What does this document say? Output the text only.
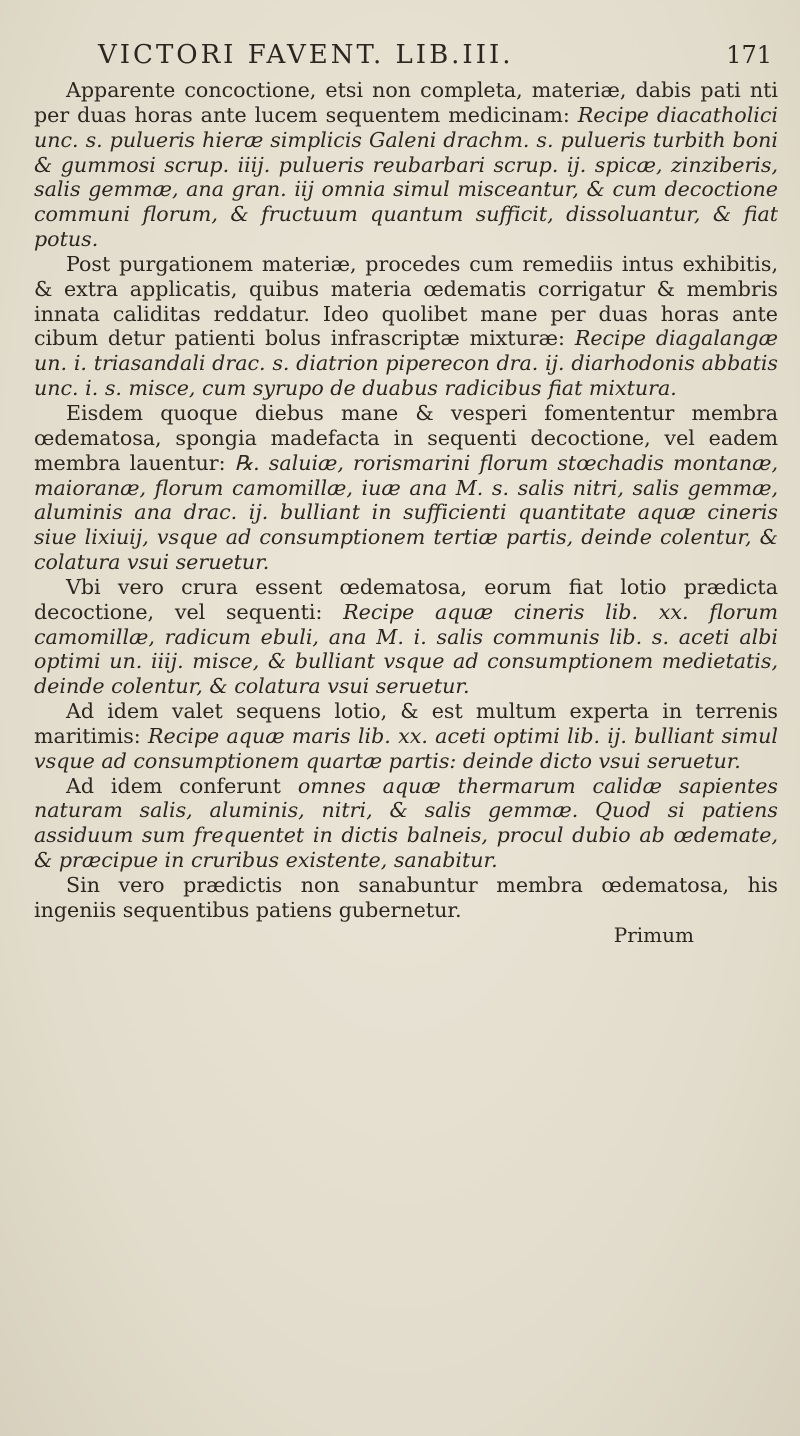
VICTORI FAVENT. LIB.III.	171

Apparente concoctione, etsi non completa, materiæ, dabis pati nti per duas horas ante lucem sequentem medicinam: Recipe diacatholici unc. s. pulueris hieræ simplicis Galeni drachm. s. pulueris turbith boni & gummosi scrup. iiij. pulueris reubarbari scrup. ij. spicæ, zinziberis, salis gemmæ, ana gran. iij omnia simul misceantur, & cum decoctione communi florum, & fructuum quantum sufficit, dissoluantur, & fiat potus.

Post purgationem materiæ, procedes cum remediis intus exhibitis, & extra applicatis, quibus materia œdematis corrigatur & membris innata caliditas reddatur. Ideo quolibet mane per duas horas ante cibum detur patienti bolus infrascriptæ mixturæ: Recipe diagalangæ un. i. triasandali drac. s. diatrion piperecon dra. ij. diarhodonis abbatis unc. i. s. misce, cum syrupo de duabus radicibus fiat mixtura.

Eisdem quoque diebus mane & vesperi fomententur membra œdematosa, spongia madefacta in sequenti decoctione, vel eadem membra lauentur: ℞. saluiæ, rorismarini florum stœchadis montanæ, maioranæ, florum camomillæ, iuæ ana M. s. salis nitri, salis gemmæ, aluminis ana drac. ij. bulliant in sufficienti quantitate aquæ cineris siue lixiuij, vsque ad consumptionem tertiæ partis, deinde colentur, & colatura vsui seruetur.

Vbi vero crura essent œdematosa, eorum fiat lotio prædicta decoctione, vel sequenti: Recipe aquæ cineris lib. xx. florum camomillæ, radicum ebuli, ana M. i. salis communis lib. s. aceti albi optimi un. iiij. misce, & bulliant vsque ad consumptionem medietatis, deinde colentur, & colatura vsui seruetur.

Ad idem valet sequens lotio, & est multum experta in terrenis maritimis: Recipe aquæ maris lib. xx. aceti optimi lib. ij. bulliant simul vsque ad consumptionem quartæ partis: deinde dicto vsui seruetur.

Ad idem conferunt omnes aquæ thermarum calidæ sapientes naturam salis, aluminis, nitri, & salis gemmæ. Quod si patiens assiduum sum frequentet in dictis balneis, procul dubio ab œdemate, & præcipue in cruribus existente, sanabitur.

Sin vero prædictis non sanabuntur membra œdematosa, his ingeniis sequentibus patiens gubernetur.

Primum
